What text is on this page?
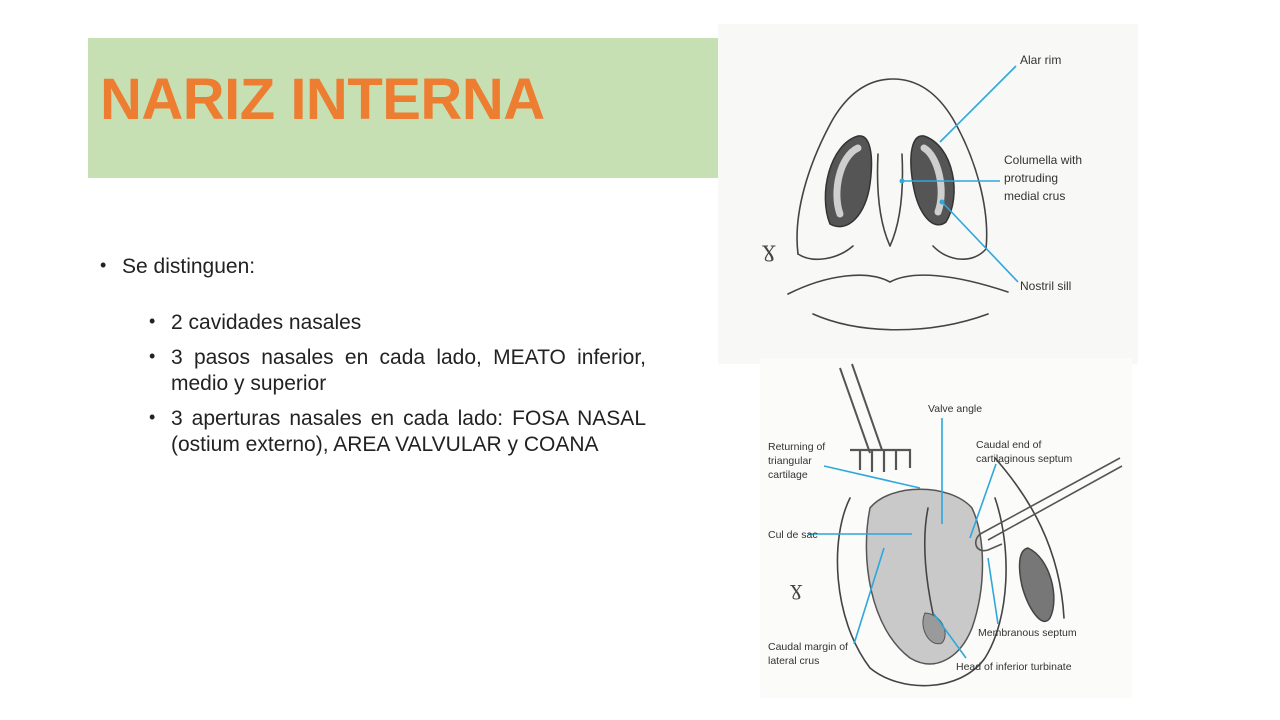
NARIZ INTERNA
• Se distinguen:
• 2 cavidades nasales
• 3 pasos nasales en cada lado, MEATO inferior, medio y superior
• 3 aperturas nasales en cada lado: FOSA NASAL (ostium externo), AREA VALVULAR y COANA
Ɣ
Alar rim
Columella with
protruding
medial crus
Nostril sill
Ɣ
Valve angle
Returning of
triangular
cartilage
Caudal end of
cartilaginous septum
Cul de sac
Membranous septum
Caudal margin of
lateral crus	Head of inferior turbinate
